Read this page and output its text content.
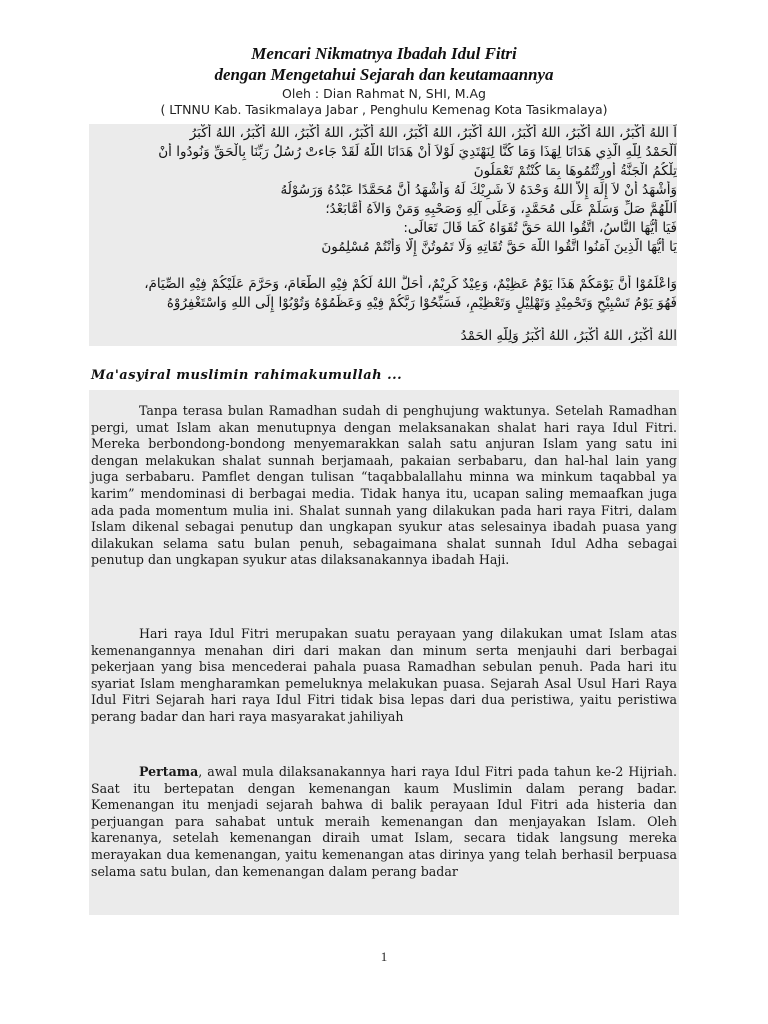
Mencari Nikmatnya Ibadah Idul Fitri
dengan Mengetahui Sejarah dan keutamaannya
Oleh : Dian Rahmat N, SHI, M.Ag
( LTNNU Kab. Tasikmalaya Jabar , Penghulu Kemenag Kota Tasikmalaya)
اَ اللهُ أَكْبَرُ، اللهُ أَكْبَرُ، اللهُ أَكْبَرُ، اللهُ أَكْبَرُ، اللهُ أَكْبَرُ، اللهُ أَكْبَرُ، اللهُ أَكْبَرُ، اللهُ أَكْبَرُ، اللهُ أَكْبَرُ
اَلْحَمْدُ لِلّهِ الَّذِي هَدَانَا لِهَذَا وَمَا كُنَّا لِنَهْتَدِيَ لَوْلاَ أَنْ هَدَانَا اللّهُ لَقَدْ جَاءتْ رُسُلُ رَبِّنَا بِالْحَقِّ وَنُودُوا أَنْ
تِلْكُمُ الْجَنَّةُ أُورِثْتُمُوهَا بِمَا كُنْتُمْ تَعْمَلُونَ
وَأَشْهَدُ أَنْ لاَ إِلَهَ إِلاَّ اللهُ وَحْدَهُ لاَ شَرِيْكَ لَهُ وَأَشْهَدُ أَنَّ مُحَمَّدًا عَبْدُهُ وَرَسُوْلُهُ
اَللَّهُمَّ صَلِّ وَسَلِّمْ عَلَى مُحَمَّدٍ، وَعَلَى آلِهِ وَصَحْبِهِ وَمَنْ وَالاَهُ أَمَّابَعْدُ؛
فَيَا أَيُّهَا النَّاسُ، اتَّقُوا اللهَ حَقَّ تُقَوَاهُ كَمَا قَالَ تَعَالَى:
يَا أَيُّهَا الَّذِينَ آمَنُوا اتَّقُوا اللَّهَ حَقَّ تُقَاتِهِ وَلَا تَمُوتُنَّ إِلَّا وَأَنْتُمْ مُسْلِمُونَ
وَاعْلَمُوْا أَنَّ يَوْمَكُمْ هَذَا يَوْمٌ عَظِيْمٌ، وَعِيْدٌ كَرِيْمٌ، أَحَلَّ اللهُ لَكُمْ فِيْهِ الطَّعَامَ، وَحَرَّمَ عَلَيْكُمْ فِيْهِ الصِّيَامَ،
فَهُوَ يَوْمُ تَسْبِيْحٍ وَتَحْمِيْدٍ وَتَهْلِيْلٍ وَتَعْظِيْمٍ، فَسَبِّحُوْا رَبَّكُمْ فِيْهِ وَعَظِّمُوْهُ وَتُوْبُوْا إِلَى اللهِ وَاسْتَغْفِرُوْهُ
اللهُ أَكْبَرُ، اللهُ أَكْبَرُ، اللهُ أَكْبَرُ وَلِلّهِ الحَمْدُ
Ma'asyiral muslimin rahimakumullah ...

Tanpa terasa bulan Ramadhan sudah di penghujung waktunya. Setelah Ramadhan pergi, umat Islam akan menutupnya dengan melaksanakan shalat hari raya Idul Fitri. Mereka berbondong-bondong menyemarakkan salah satu anjuran Islam yang satu ini dengan melakukan shalat sunnah berjamaah, pakaian serbabaru, dan hal-hal lain yang juga serbabaru. Pamflet dengan tulisan “taqabbalallahu minna wa minkum taqabbal ya karim” mendominasi di berbagai media. Tidak hanya itu, ucapan saling memaafkan juga ada pada momentum mulia ini. Shalat sunnah yang dilakukan pada hari raya Fitri, dalam Islam dikenal sebagai penutup dan ungkapan syukur atas selesainya ibadah puasa yang dilakukan selama satu bulan penuh, sebagaimana shalat sunnah Idul Adha sebagai penutup dan ungkapan syukur atas dilaksanakannya ibadah Haji.

Hari raya Idul Fitri merupakan suatu perayaan yang dilakukan umat Islam atas kemenangannya menahan diri dari makan dan minum serta menjauhi dari berbagai pekerjaan yang bisa mencederai pahala puasa Ramadhan sebulan penuh. Pada hari itu syariat Islam mengharamkan pemeluknya melakukan puasa. Sejarah Asal Usul Hari Raya Idul Fitri Sejarah hari raya Idul Fitri tidak bisa lepas dari dua peristiwa, yaitu peristiwa perang badar dan hari raya masyarakat jahiliyah

Pertama, awal mula dilaksanakannya hari raya Idul Fitri pada tahun ke-2 Hijriah. Saat itu bertepatan dengan kemenangan kaum Muslimin dalam perang badar. Kemenangan itu menjadi sejarah bahwa di balik perayaan Idul Fitri ada histeria dan perjuangan para sahabat untuk meraih kemenangan dan menjayakan Islam. Oleh karenanya, setelah kemenangan diraih umat Islam, secara tidak langsung mereka merayakan dua kemenangan, yaitu kemenangan atas dirinya yang telah berhasil berpuasa selama satu bulan, dan kemenangan dalam perang badar

1
